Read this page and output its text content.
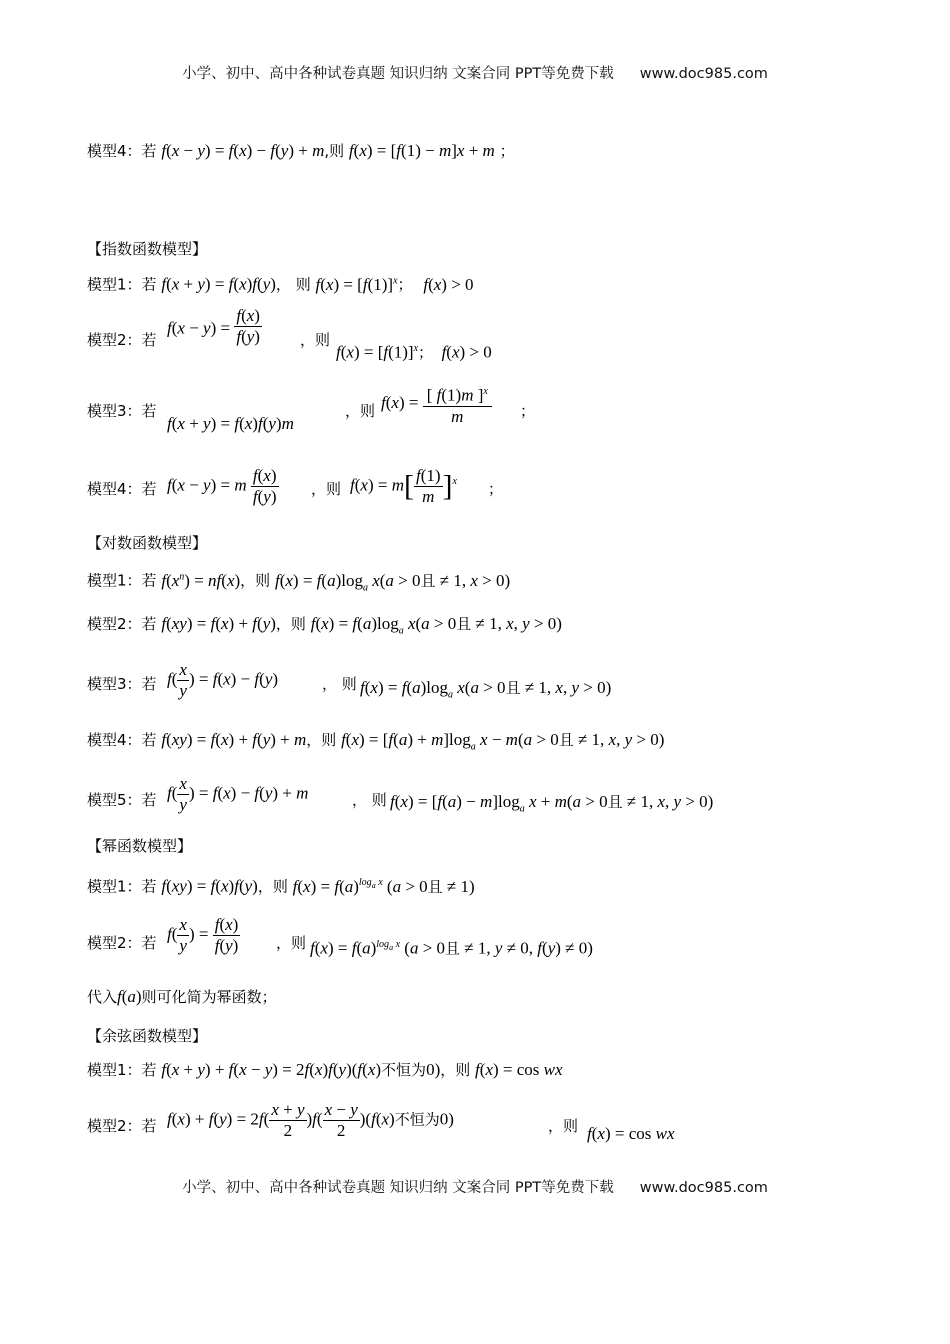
小学、初中、高中各种试卷真题 知识归纳 文案合同 PPT等免费下载 www.doc985.com
模型4：若 f(x − y) = f(x) − f(y) + m,则 f(x) = [f(1) − m]x + m ；
【指数函数模型】
模型1：若 f(x + y) = f(x)f(y)， 则 $f(x) = [f(1)]^x$； f(x) > 0
模型2：若
$f(x - y) = \frac{f(x)}{f(y)}$	，则
$f(x) = [f(1)]^x$； f(x) > 0
模型3：若
f(x + y) = f(x)f(y)m
，则 $f(x) = \frac{[ f(1)m ]^x}{m}$ ；
模型4：若 f(x − y) = m $\frac{f(x)}{f(y)}$ ，则 $f(x) = m[ \frac{f(1)}{m} ]^x$ ；
【对数函数模型】
模型1：若 $f(x^n) = nf(x)$，则 $f(x) = f(a)\log_a$ x(a > 0且 ≠ 1, x > 0)
模型2：若 f(xy) = f(x) + f(y)，则 $f(x) = f(a)\log_a$ x(a > 0且 ≠ 1, x, y > 0)
模型3：若 $f( \frac{x}{y}$ ) = f(x) − f(y)	， 则 $f(x) = f(a)\log_a$ x(a > 0且 ≠ 1, x, y > 0)
模型4：若 f(xy) = f(x) + f(y) + m，则 $f(x) = [f(a) + m]\log_a$ x − m(a > 0且 ≠ 1, x, y > 0)
模型5：若 $f( \frac{x}{y}$ ) = f(x) − f(y) + m	， 则 $f(x) = [f(a) - m]\log_a$ x + m(a > 0且 ≠ 1, x, y > 0)
【幂函数模型】
模型1：若 f(xy) = f(x)f(y)，则 $f(x) = f(a)^{log_a x}$ (a > 0且 ≠ 1)
模型2：若 $f( \frac{x}{y}$ ) = $\frac{f(x)}{f(y)}$ ，则 $f(x) = f(a)^{log_a x}$ (a > 0且 ≠ 1, y ≠ 0, f(y) ≠ 0)
代入f(a)则可化简为幂函数；
【余弦函数模型】
模型1：若 f(x + y) + f(x − y) = 2f(x)f(y)(f(x)不恒为0)，则 f(x) = cos wx
模型2：若 $f(x) + f(y) = 2f( \frac{x + y}{2} )f( \frac{x - y}{2} )(f(x)$不恒为0)	，则 f(x) = cos wx
小学、初中、高中各种试卷真题 知识归纳 文案合同 PPT等免费下载 www.doc985.com
